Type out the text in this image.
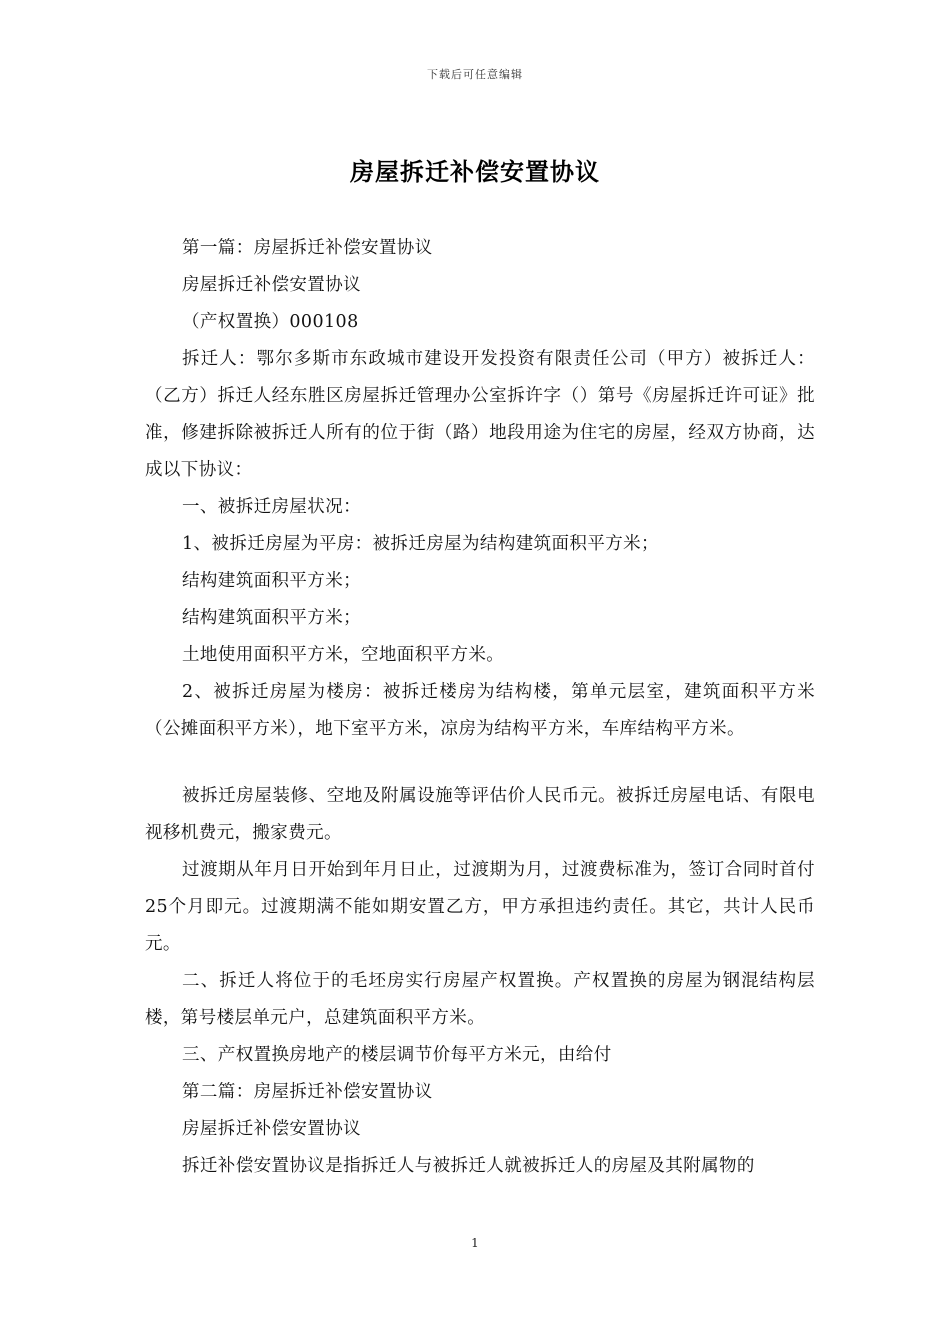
下载后可任意编辑
房屋拆迁补偿安置协议

第一篇：房屋拆迁补偿安置协议

房屋拆迁补偿安置协议

（产权置换）000108

拆迁人：鄂尔多斯市东政城市建设开发投资有限责任公司（甲方）被拆迁人：（乙方）拆迁人经东胜区房屋拆迁管理办公室拆许字（）第号《房屋拆迁许可证》批准，修建拆除被拆迁人所有的位于街（路）地段用途为住宅的房屋，经双方协商，达成以下协议：

一、被拆迁房屋状况：

1、被拆迁房屋为平房：被拆迁房屋为结构建筑面积平方米；

结构建筑面积平方米；

结构建筑面积平方米；

土地使用面积平方米，空地面积平方米。

2、被拆迁房屋为楼房：被拆迁楼房为结构楼，第单元层室，建筑面积平方米（公摊面积平方米），地下室平方米，凉房为结构平方米，车库结构平方米。

被拆迁房屋装修、空地及附属设施等评估价人民币元。被拆迁房屋电话、有限电视移机费元，搬家费元。

过渡期从年月日开始到年月日止，过渡期为月，过渡费标准为，签订合同时首付25个月即元。过渡期满不能如期安置乙方，甲方承担违约责任。其它，共计人民币元。

二、拆迁人将位于的毛坯房实行房屋产权置换。产权置换的房屋为钢混结构层楼，第号楼层单元户，总建筑面积平方米。

三、产权置换房地产的楼层调节价每平方米元，由给付

第二篇：房屋拆迁补偿安置协议

房屋拆迁补偿安置协议

拆迁补偿安置协议是指拆迁人与被拆迁人就被拆迁人的房屋及其附属物的

1
